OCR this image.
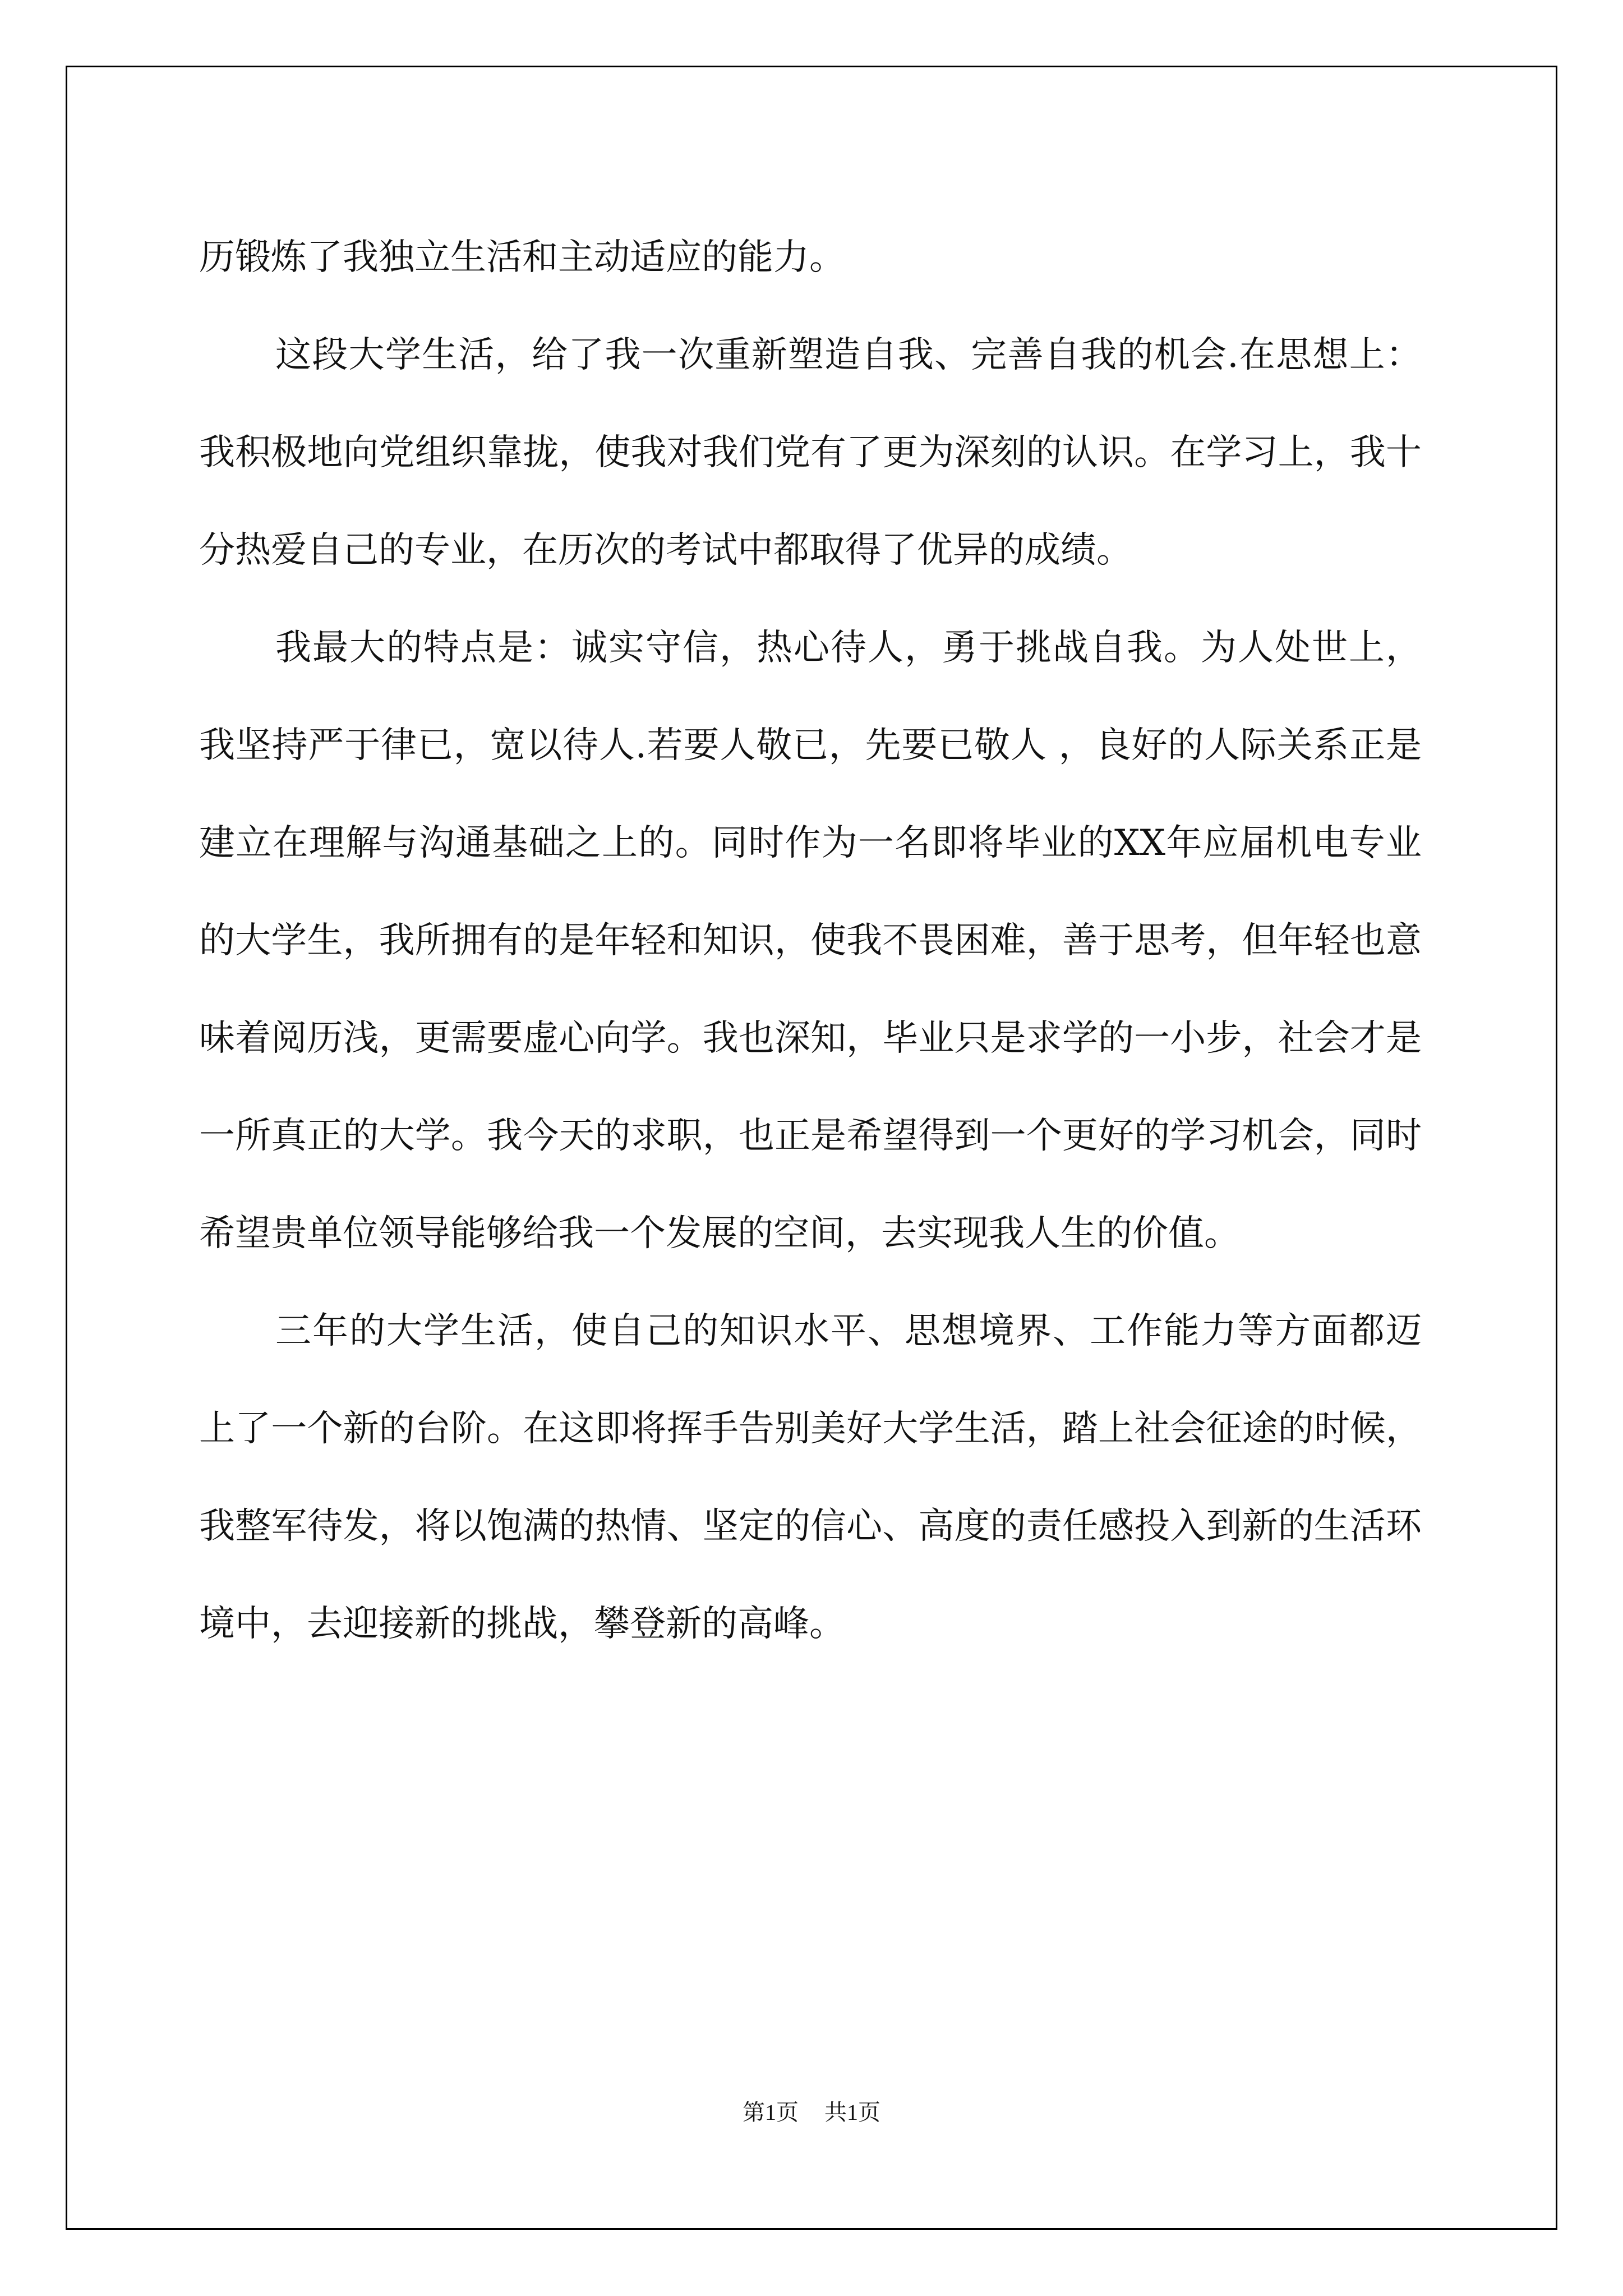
历锻炼了我独立生活和主动适应的能力。

这段大学生活，给了我一次重新塑造自我、完善自我的机会.在思想上：我积极地向党组织靠拢，使我对我们党有了更为深刻的认识。在学习上，我十分热爱自己的专业，在历次的考试中都取得了优异的成绩。

我最大的特点是：诚实守信，热心待人，勇于挑战自我。为人处世上，我坚持严于律已，宽以待人.若要人敬已，先要已敬人 ，良好的人际关系正是建立在理解与沟通基础之上的。同时作为一名即将毕业的XX年应届机电专业的大学生，我所拥有的是年轻和知识，使我不畏困难，善于思考，但年轻也意味着阅历浅，更需要虚心向学。我也深知，毕业只是求学的一小步，社会才是一所真正的大学。我今天的求职，也正是希望得到一个更好的学习机会，同时希望贵单位领导能够给我一个发展的空间，去实现我人生的价值。

三年的大学生活，使自己的知识水平、思想境界、工作能力等方面都迈上了一个新的台阶。在这即将挥手告别美好大学生活，踏上社会征途的时候，我整军待发，将以饱满的热情、坚定的信心、高度的责任感投入到新的生活环境中，去迎接新的挑战，攀登新的高峰。

第1页 共1页
